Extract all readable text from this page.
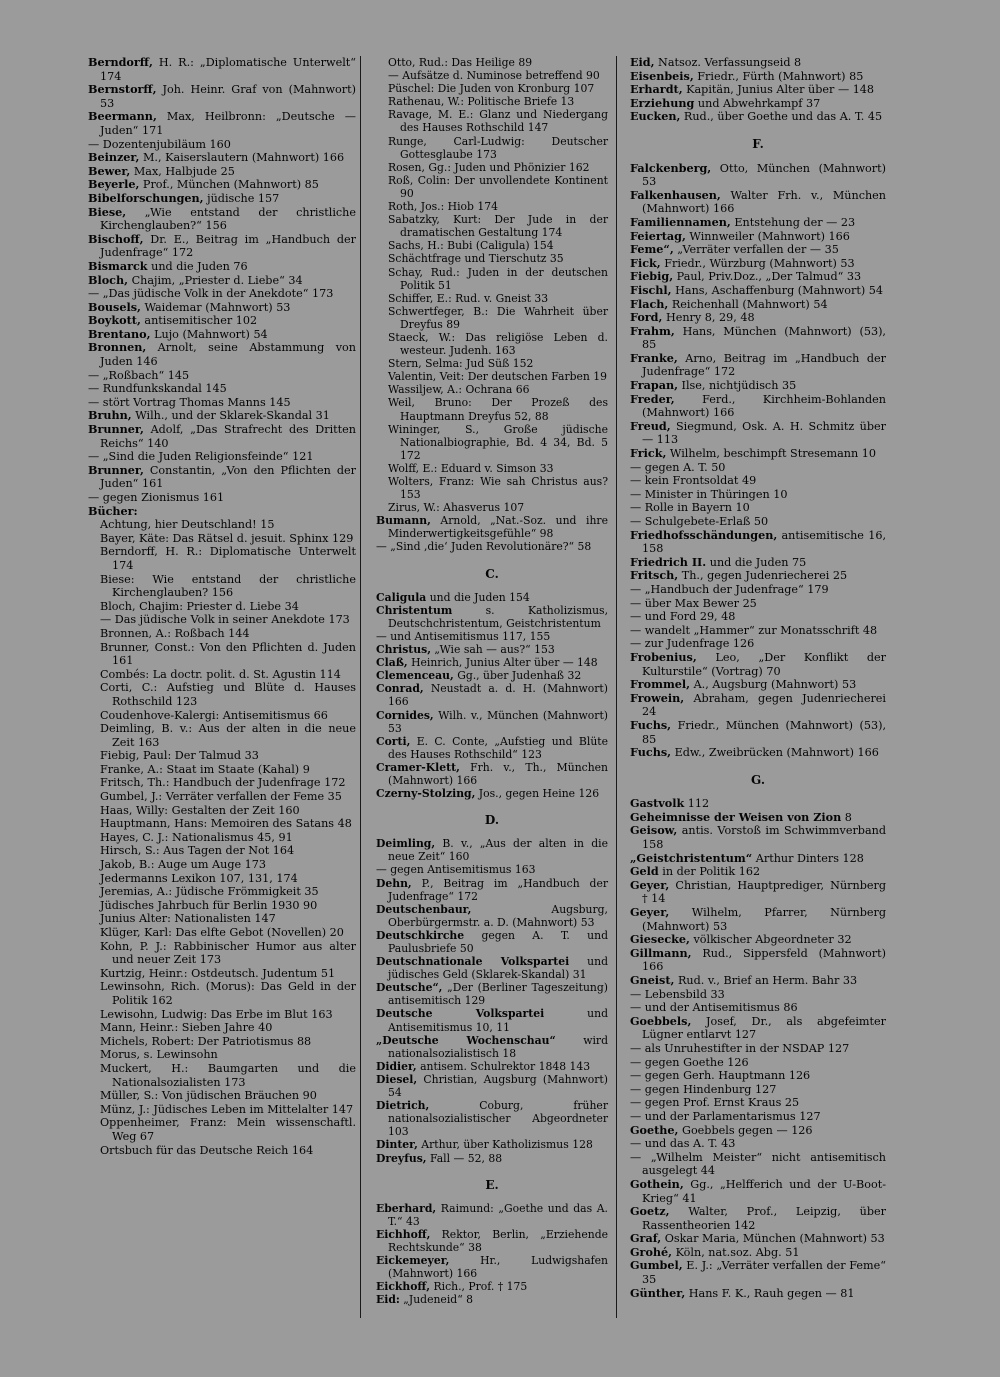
Berndorff, H. R.: „Diplomatische Unterwelt“ 174

Bernstorff, Joh. Heinr. Graf von (Mahnwort) 53

Beermann, Max, Heilbronn: „Deutsche — Juden“ 171

— Dozentenjubiläum 160

Beinzer, M., Kaiserslautern (Mahnwort) 166

Bewer, Max, Halbjude 25

Beyerle, Prof., München (Mahnwort) 85

Bibelforschungen, jüdische 157

Biese, „Wie entstand der christliche Kirchenglauben?“ 156

Bischoff, Dr. E., Beitrag im „Handbuch der Judenfrage“ 172

Bismarck und die Juden 76

Bloch, Chajim, „Priester d. Liebe“ 34

— „Das jüdische Volk in der Anekdote“ 173

Bousels, Waidemar (Mahnwort) 53

Boykott, antisemitischer 102

Brentano, Lujo (Mahnwort) 54

Bronnen, Arnolt, seine Abstammung von Juden 146

— „Roßbach“ 145

— Rundfunkskandal 145

— stört Vortrag Thomas Manns 145

Bruhn, Wilh., und der Sklarek-Skandal 31

Brunner, Adolf, „Das Strafrecht des Dritten Reichs“ 140

— „Sind die Juden Religionsfeinde“ 121

Brunner, Constantin, „Von den Pflichten der Juden“ 161

— gegen Zionismus 161

Bücher:

Achtung, hier Deutschland! 15

Bayer, Käte: Das Rätsel d. jesuit. Sphinx 129

Berndorff, H. R.: Diplomatische Unterwelt 174

Biese: Wie entstand der christliche Kirchenglauben? 156

Bloch, Chajim: Priester d. Liebe 34

— Das jüdische Volk in seiner Anekdote 173

Bronnen, A.: Roßbach 144

Brunner, Const.: Von den Pflichten d. Juden 161

Combés: La doctr. polit. d. St. Agustin 114

Corti, C.: Aufstieg und Blüte d. Hauses Rothschild 123

Coudenhove-Kalergi: Antisemitismus 66

Deimling, B. v.: Aus der alten in die neue Zeit 163

Fiebig, Paul: Der Talmud 33

Franke, A.: Staat im Staate (Kahal) 9

Fritsch, Th.: Handbuch der Judenfrage 172

Gumbel, J.: Verräter verfallen der Feme 35

Haas, Willy: Gestalten der Zeit 160

Hauptmann, Hans: Memoiren des Satans 48

Hayes, C. J.: Nationalismus 45, 91

Hirsch, S.: Aus Tagen der Not 164

Jakob, B.: Auge um Auge 173

Jedermanns Lexikon 107, 131, 174

Jeremias, A.: Jüdische Frömmigkeit 35

Jüdisches Jahrbuch für Berlin 1930 90

Junius Alter: Nationalisten 147

Klüger, Karl: Das elfte Gebot (Novellen) 20

Kohn, P. J.: Rabbinischer Humor aus alter und neuer Zeit 173

Kurtzig, Heinr.: Ostdeutsch. Judentum 51

Lewinsohn, Rich. (Morus): Das Geld in der Politik 162

Lewisohn, Ludwig: Das Erbe im Blut 163

Mann, Heinr.: Sieben Jahre 40

Michels, Robert: Der Patriotismus 88

Morus, s. Lewinsohn

Muckert, H.: Baumgarten und die Nationalsozialisten 173

Müller, S.: Von jüdischen Bräuchen 90

Münz, J.: Jüdisches Leben im Mittelalter 147

Oppenheimer, Franz: Mein wissenschaftl. Weg 67

Ortsbuch für das Deutsche Reich 164

Otto, Rud.: Das Heilige 89

— Aufsätze d. Numinose betreffend 90

Püschel: Die Juden von Kronburg 107

Rathenau, W.: Politische Briefe 13

Ravage, M. E.: Glanz und Niedergang des Hauses Rothschild 147

Runge, Carl-Ludwig: Deutscher Gottesglaube 173

Rosen, Gg.: Juden und Phönizier 162

Roß, Colin: Der unvollendete Kontinent 90

Roth, Jos.: Hiob 174

Sabatzky, Kurt: Der Jude in der dramatischen Gestaltung 174

Sachs, H.: Bubi (Caligula) 154

Schächtfrage und Tierschutz 35

Schay, Rud.: Juden in der deutschen Politik 51

Schiffer, E.: Rud. v. Gneist 33

Schwertfeger, B.: Die Wahrheit über Dreyfus 89

Staeck, W.: Das religiöse Leben d. westeur. Judenh. 163

Stern, Selma: Jud Süß 152

Valentin, Veit: Der deutschen Farben 19

Wassiljew, A.: Ochrana 66

Weil, Bruno: Der Prozeß des Hauptmann Dreyfus 52, 88

Wininger, S., Große jüdische Nationalbiographie, Bd. 4 34, Bd. 5 172

Wolff, E.: Eduard v. Simson 33

Wolters, Franz: Wie sah Christus aus? 153

Zirus, W.: Ahasverus 107

Bumann, Arnold, „Nat.-Soz. und ihre Minderwertigkeitsgefühle“ 98

— „Sind ,die‘ Juden Revolutionäre?“ 58

C.

Caligula und die Juden 154

Christentum s. Katholizismus, Deutschchristentum, Geistchristentum

— und Antisemitismus 117, 155

Christus, „Wie sah — aus?“ 153

Claß, Heinrich, Junius Alter über — 148

Clemenceau, Gg., über Judenhaß 32

Conrad, Neustadt a. d. H. (Mahnwort) 166

Cornides, Wilh. v., München (Mahnwort) 53

Corti, E. C. Conte, „Aufstieg und Blüte des Hauses Rothschild“ 123

Cramer-Klett, Frh. v., Th., München (Mahnwort) 166

Czerny-Stolzing, Jos., gegen Heine 126

D.

Deimling, B. v., „Aus der alten in die neue Zeit“ 160

— gegen Antisemitismus 163

Dehn, P., Beitrag im „Handbuch der Judenfrage“ 172

Deutschenbaur, Augsburg, Oberbürgermstr. a. D. (Mahnwort) 53

Deutschkirche gegen A. T. und Paulusbriefe 50

Deutschnationale Volkspartei und jüdisches Geld (Sklarek-Skandal) 31

Deutsche“, „Der (Berliner Tageszeitung) antisemitisch 129

Deutsche Volkspartei und Antisemitismus 10, 11

„Deutsche Wochenschau“ wird nationalsozialistisch 18

Didier, antisem. Schulrektor 1848 143

Diesel, Christian, Augsburg (Mahnwort) 54

Dietrich, Coburg, früher nationalsozialistischer Abgeordneter 103

Dinter, Arthur, über Katholizismus 128

Dreyfus, Fall — 52, 88

E.

Eberhard, Raimund: „Goethe und das A. T.“ 43

Eichhoff, Rektor, Berlin, „Erziehende Rechtskunde“ 38

Eickemeyer, Hr., Ludwigshafen (Mahnwort) 166

Eickhoff, Rich., Prof. † 175

Eid: „Judeneid“ 8

Eid, Natsoz. Verfassungseid 8

Eisenbeis, Friedr., Fürth (Mahnwort) 85

Erhardt, Kapitän, Junius Alter über — 148

Erziehung und Abwehrkampf 37

Eucken, Rud., über Goethe und das A. T. 45

F.

Falckenberg, Otto, München (Mahnwort) 53

Falkenhausen, Walter Frh. v., München (Mahnwort) 166

Familiennamen, Entstehung der — 23

Feiertag, Winnweiler (Mahnwort) 166

Feme“, „Verräter verfallen der — 35

Fick, Friedr., Würzburg (Mahnwort) 53

Fiebig, Paul, Priv.Doz., „Der Talmud“ 33

Fischl, Hans, Aschaffenburg (Mahnwort) 54

Flach, Reichenhall (Mahnwort) 54

Ford, Henry 8, 29, 48

Frahm, Hans, München (Mahnwort) (53), 85

Franke, Arno, Beitrag im „Handbuch der Judenfrage“ 172

Frapan, Ilse, nichtjüdisch 35

Freder, Ferd., Kirchheim-Bohlanden (Mahnwort) 166

Freud, Siegmund, Osk. A. H. Schmitz über — 113

Frick, Wilhelm, beschimpft Stresemann 10

— gegen A. T. 50

— kein Frontsoldat 49

— Minister in Thüringen 10

— Rolle in Bayern 10

— Schulgebete-Erlaß 50

Friedhofsschändungen, antisemitische 16, 158

Friedrich II. und die Juden 75

Fritsch, Th., gegen Judenriecherei 25

— „Handbuch der Judenfrage“ 179

— über Max Bewer 25

— und Ford 29, 48

— wandelt „Hammer“ zur Monatsschrift 48

— zur Judenfrage 126

Frobenius, Leo, „Der Konflikt der Kulturstile“ (Vortrag) 70

Frommel, A., Augsburg (Mahnwort) 53

Frowein, Abraham, gegen Judenriecherei 24

Fuchs, Friedr., München (Mahnwort) (53), 85

Fuchs, Edw., Zweibrücken (Mahnwort) 166

G.

Gastvolk 112

Geheimnisse der Weisen von Zion 8

Geisow, antis. Vorstoß im Schwimmverband 158

„Geistchristentum“ Arthur Dinters 128

Geld in der Politik 162

Geyer, Christian, Hauptprediger, Nürnberg † 14

Geyer, Wilhelm, Pfarrer, Nürnberg (Mahnwort) 53

Giesecke, völkischer Abgeordneter 32

Gillmann, Rud., Sippersfeld (Mahnwort) 166

Gneist, Rud. v., Brief an Herm. Bahr 33

— Lebensbild 33

— und der Antisemitismus 86

Goebbels, Josef, Dr., als abgefeimter Lügner entlarvt 127

— als Unruhestifter in der NSDAP 127

— gegen Goethe 126

— gegen Gerh. Hauptmann 126

— gegen Hindenburg 127

— gegen Prof. Ernst Kraus 25

— und der Parlamentarismus 127

Goethe, Goebbels gegen — 126

— und das A. T. 43

— „Wilhelm Meister“ nicht antisemitisch ausgelegt 44

Gothein, Gg., „Helfferich und der U-Boot-Krieg“ 41

Goetz, Walter, Prof., Leipzig, über Rassentheorien 142

Graf, Oskar Maria, München (Mahnwort) 53

Grohé, Köln, nat.soz. Abg. 51

Gumbel, E. J.: „Verräter verfallen der Feme“ 35

Günther, Hans F. K., Rauh gegen — 81
